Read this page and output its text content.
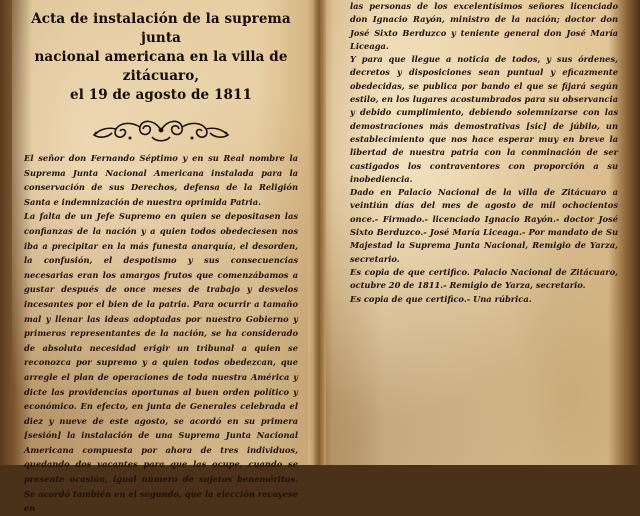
Acta de instalación de la suprema junta
nacional americana en la villa de zitácuaro,
el 19 de agosto de 1811

El señor don Fernando Séptimo y en su Real nombre la Suprema Junta Nacional Americana instalada para la conservación de sus Derechos, defensa de la Religión Santa e indemnización de nuestra oprimida Patria.

La falta de un Jefe Supremo en quien se depositasen las confianzas de la nación y a quien todos obedeciesen nos iba a precipitar en la más funesta anarquía, el desorden, la confusión, el despotismo y sus consecuencias necesarias eran los amargos frutos que comenzábamos a gustar después de once meses de trabajo y desvelos incesantes por el bien de la patria. Para ocurrir a tamaño mal y llenar las ideas adoptadas por nuestro Gobierno y primeros representantes de la nación, se ha considerado de absoluta necesidad erigir un tribunal a quien se reconozca por supremo y a quien todos obedezcan, que arregle el plan de operaciones de toda nuestra América y dicte las providencias oportunas al buen orden político y económico. En efecto, en junta de Generales celebrada el diez y nueve de este agosto, se acordó en su primera [sesión] la instalación de una Suprema Junta Nacional Americana compuesta por ahora de tres individuos, quedando dos vacantes para que las ocupe, cuando se presente ocasión, igual número de sujetos beneméritos. Se acordó también en el segundo, que la elección recayese en

las personas de los excelentísimos señores licenciado don Ignacio Rayón, ministro de la nación; doctor don José Sixto Berduzco y teniente general don José María Liceaga.

Y para que llegue a noticia de todos, y sus órdenes, decretos y disposiciones sean puntual y eficazmente obedecidas, se publica por bando el que se fijará según estilo, en los lugares acostumbrados para su observancia y debido cumplimiento, debiendo solemnizarse con las demostraciones más demostrativas [sic] de júbilo, un establecimiento que nos hace esperar muy en breve la libertad de nuestra patria con la conminación de ser castigados los contraventores con proporción a su inobediencia.

Dado en Palacio Nacional de la villa de Zitácuaro a veintiún días del mes de agosto de mil ochocientos once.- Firmado.- licenciado Ignacio Rayón.- doctor José Sixto Berduzco.- José María Liceaga.- Por mandato de Su Majestad la Suprema Junta Nacional, Remigio de Yarza, secretario.

Es copia de que certifico. Palacio Nacional de Zitácuaro, octubre 20 de 1811.- Remigio de Yarza, secretario.

Es copia de que certifico.- Una rúbrica.
